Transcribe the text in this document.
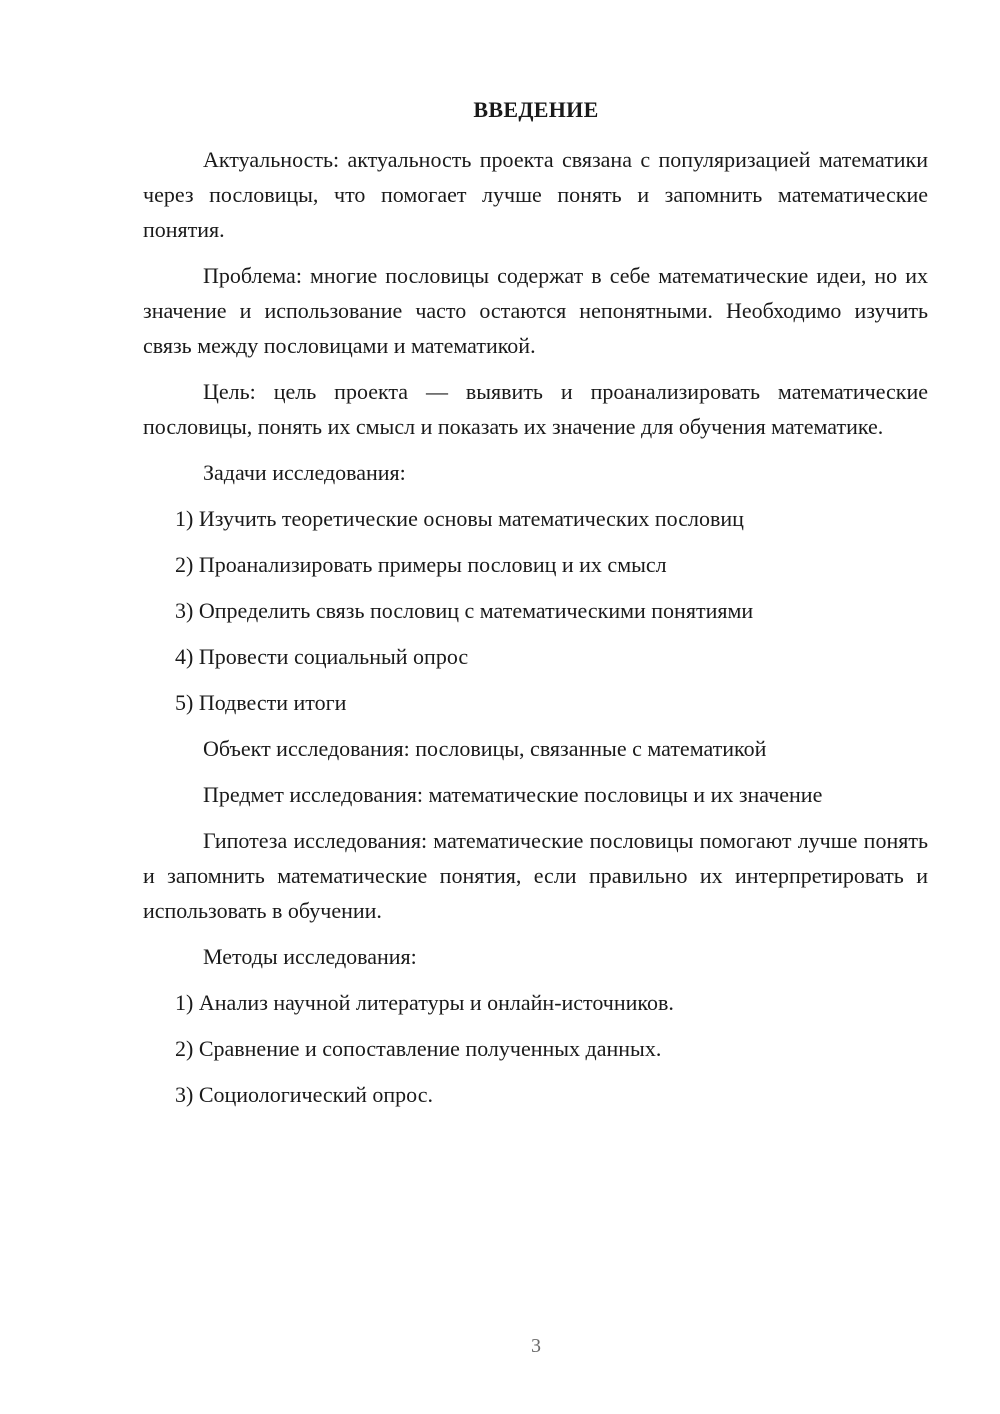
ВВЕДЕНИЕ

Актуальность: актуальность проекта связана с популяризацией математики через пословицы, что помогает лучше понять и запомнить математические понятия.

Проблема: многие пословицы содержат в себе математические идеи, но их значение и использование часто остаются непонятными. Необходимо изучить связь между пословицами и математикой.

Цель: цель проекта — выявить и проанализировать математические пословицы, понять их смысл и показать их значение для обучения математике.

Задачи исследования:

1) Изучить теоретические основы математических пословиц

2) Проанализировать примеры пословиц и их смысл

3) Определить связь пословиц с математическими понятиями

4) Провести социальный опрос

5) Подвести итоги

Объект исследования: пословицы, связанные с математикой

Предмет исследования: математические пословицы и их значение

Гипотеза исследования: математические пословицы помогают лучше понять и запомнить математические понятия, если правильно их интерпретировать и использовать в обучении.

Методы исследования:

1) Анализ научной литературы и онлайн-источников.

2) Сравнение и сопоставление полученных данных.

3) Социологический опрос.

3
